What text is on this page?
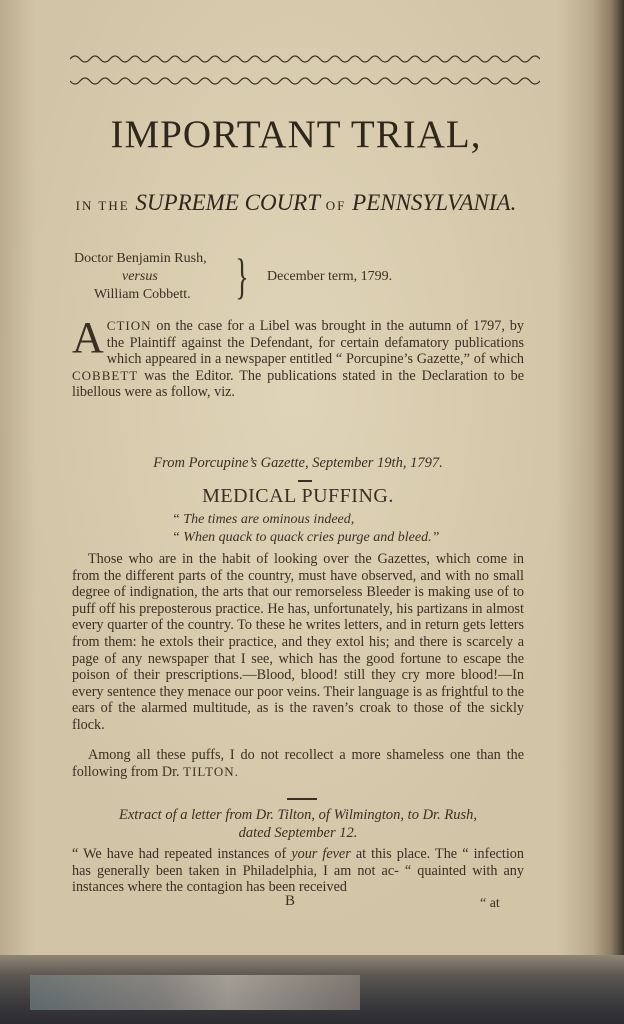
IMPORTANT TRIAL,
IN THE SUPREME COURT OF PENNSYLVANIA.
Doctor Benjamin Rush,
versus
William Cobbett. } December term, 1799.
ACTION on the case for a Libel was brought in the autumn of 1797, by the Plaintiff against the Defendant, for certain defamatory publications which appeared in a newspaper entitled “ Porcupine’s Gazette,” of which COBBETT was the Editor. The publications stated in the Declaration to be libellous were as follow, viz.
From Porcupine’s Gazette, September 19th, 1797.
MEDICAL PUFFING.
“ The times are ominous indeed,
“ When quack to quack cries purge and bleed.”
Those who are in the habit of looking over the Gazettes, which come in from the different parts of the country, must have observed, and with no small degree of indignation, the arts that our remorseless Bleeder is making use of to puff off his preposterous practice. He has, unfortunately, his partizans in almost every quarter of the country. To these he writes letters, and in return gets letters from them: he extols their practice, and they extol his; and there is scarcely a page of any newspaper that I see, which has the good fortune to escape the poison of their prescriptions.—Blood, blood! still they cry more blood!—In every sentence they menace our poor veins. Their language is as frightful to the ears of the alarmed multitude, as is the raven’s croak to those of the sickly flock.
Among all these puffs, I do not recollect a more shameless one than the following from Dr. TILTON.
Extract of a letter from Dr. Tilton, of Wilmington, to Dr. Rush,
dated September 12.
“ We have had repeated instances of your fever at this place. The “ infection has generally been taken in Philadelphia, I am not ac- “ quainted with any instances where the contagion has been received
B	“ at
